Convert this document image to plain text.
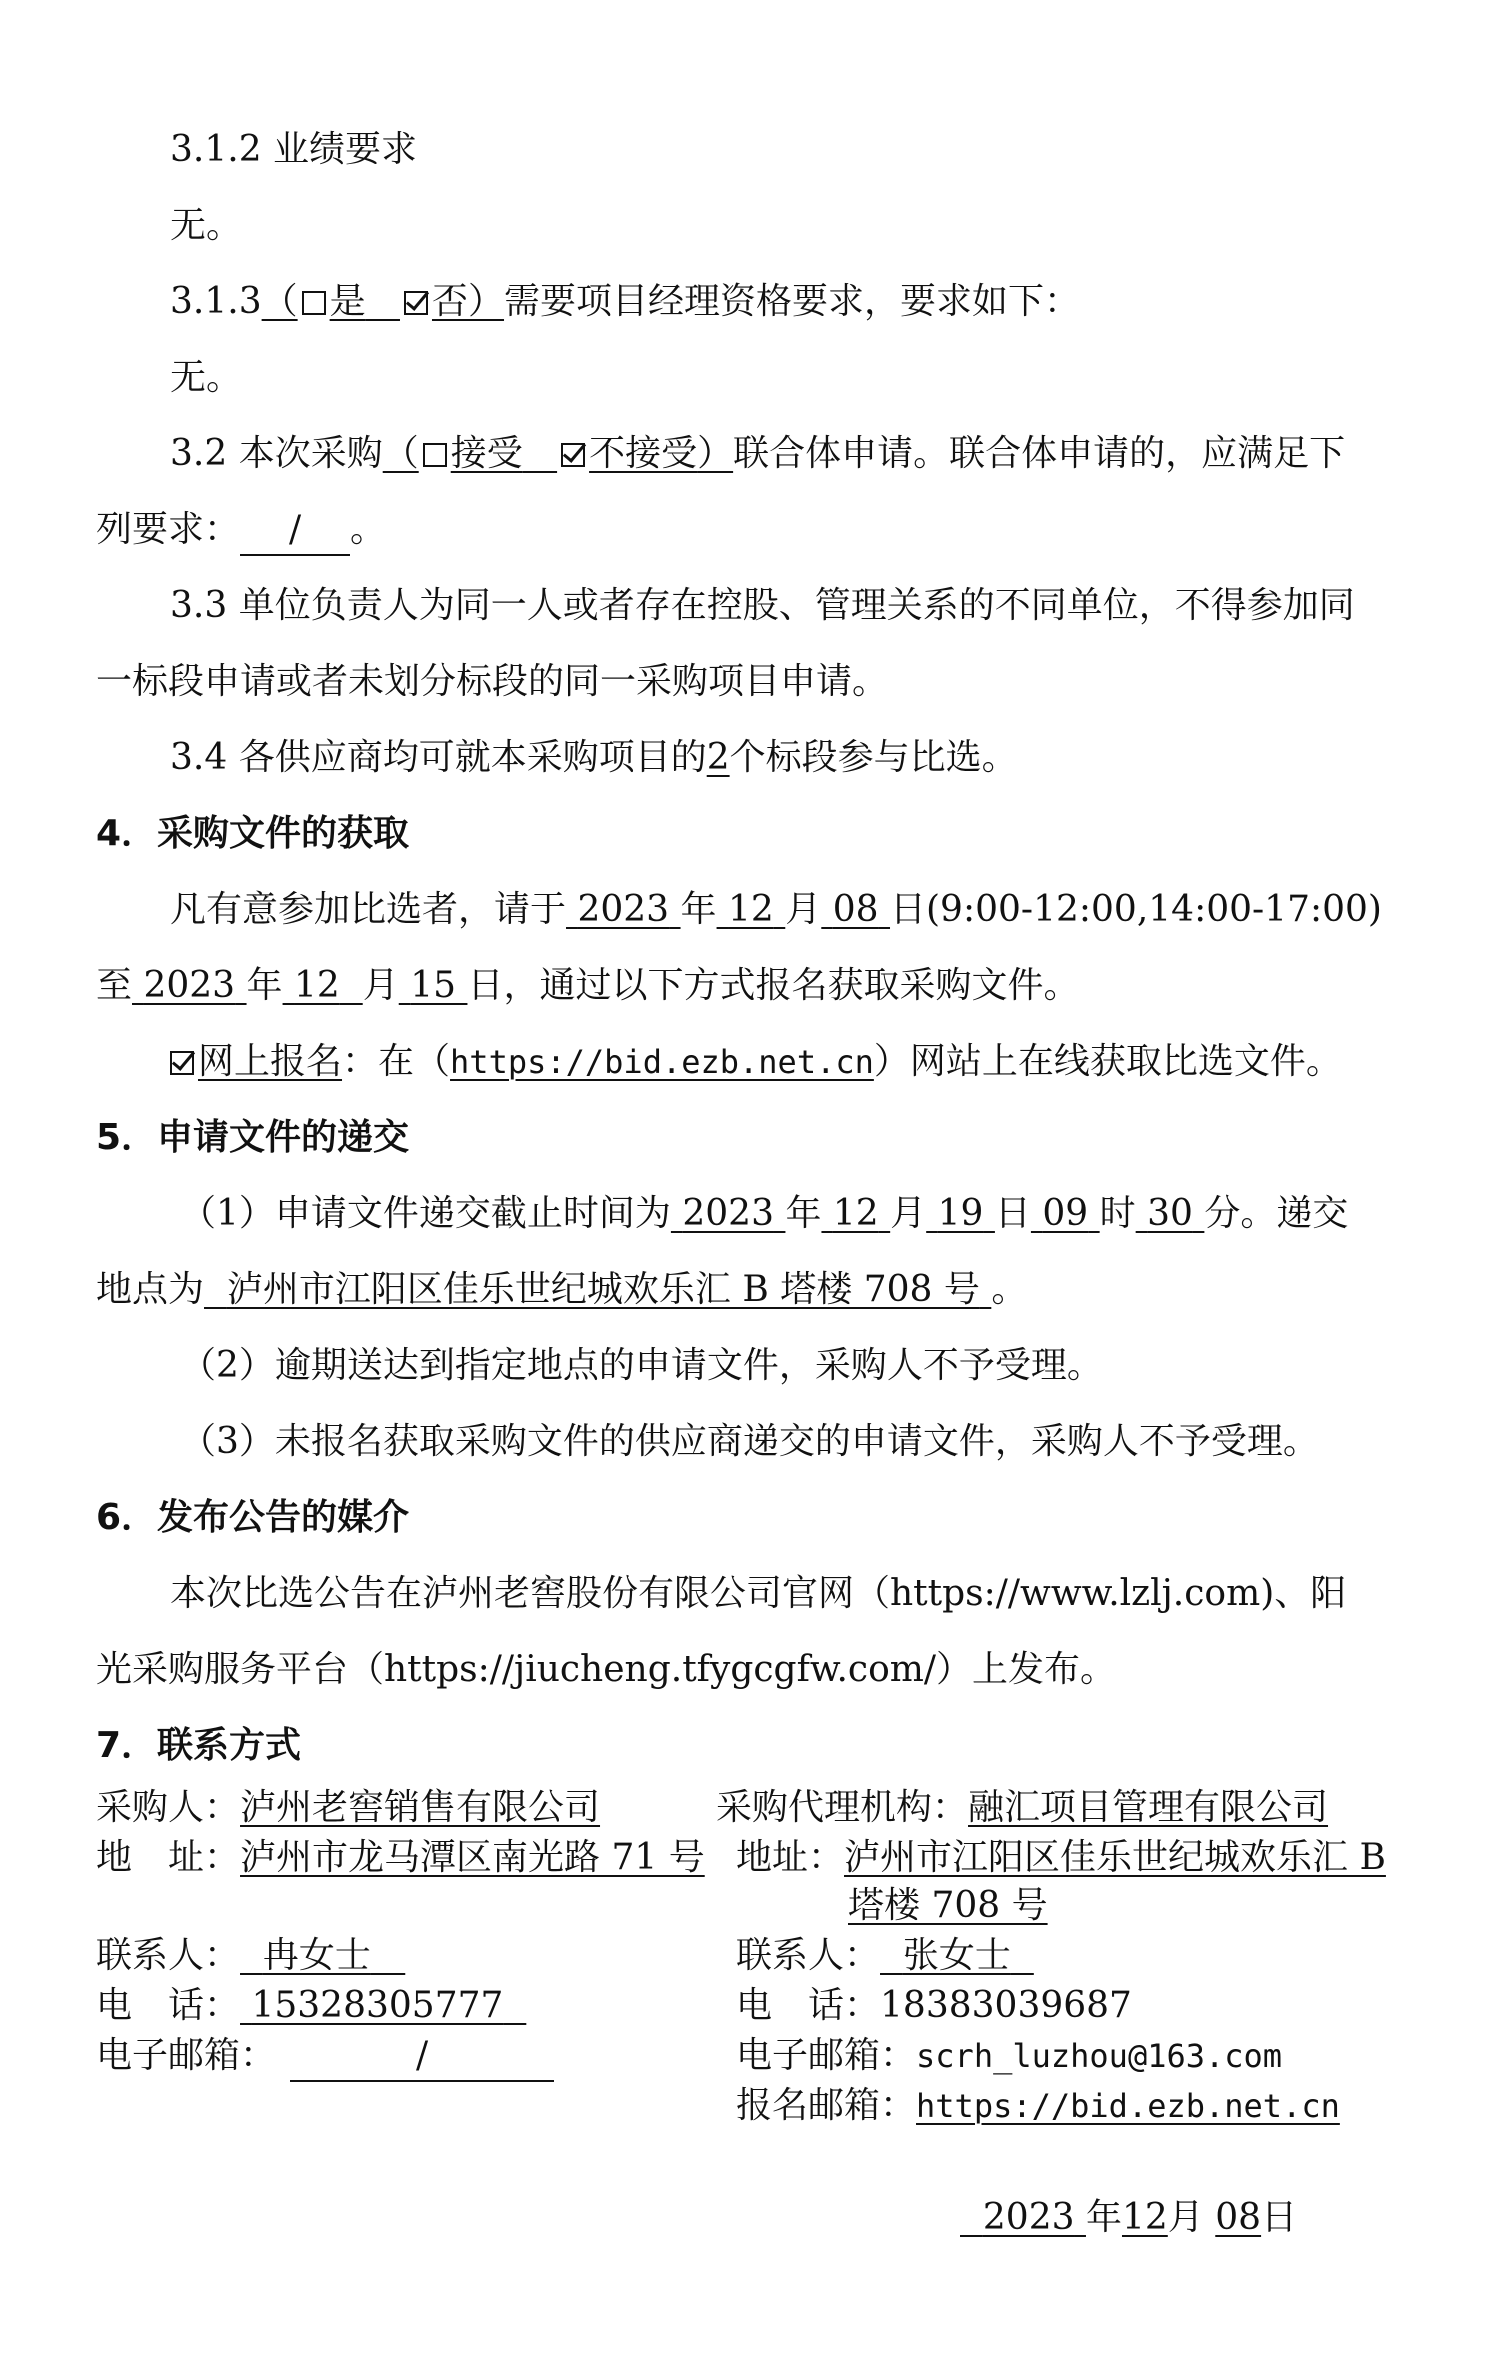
3.1.2 业绩要求
无。
3.1.3（ 是 否）需要项目经理资格要求，要求如下：
无。
3.2 本次采购（ 接受 不接受）联合体申请。联合体申请的，应满足下
列要求： / 。
3.3 单位负责人为同一人或者存在控股、管理关系的不同单位，不得参加同
一标段申请或者未划分标段的同一采购项目申请。
3.4 各供应商均可就本采购项目的2个标段参与比选。
4．采购文件的获取
凡有意参加比选者，请于 2023 年 12 月 08 日(9:00-12:00,14:00-17:00)
至 2023 年 12 月 15 日，通过以下方式报名获取采购文件。
网上报名：在（https://bid.ezb.net.cn）网站上在线获取比选文件。
5．申请文件的递交
（1）申请文件递交截止时间为 2023 年 12 月 19 日 09 时 30 分。递交
地点为 泸州市江阳区佳乐世纪城欢乐汇 B 塔楼 708 号 。
（2）逾期送达到指定地点的申请文件，采购人不予受理。
（3）未报名获取采购文件的供应商递交的申请文件，采购人不予受理。
6．发布公告的媒介
本次比选公告在泸州老窖股份有限公司官网（https://www.lzlj.com)、阳
光采购服务平台（https://jiucheng.tfygcgfw.com/）上发布。
7．联系方式
采购人：泸州老窖销售有限公司	采购代理机构：融汇项目管理有限公司
地　址：泸州市龙马潭区南光路 71 号 地址：泸州市江阳区佳乐世纪城欢乐汇 B
塔楼 708 号
联系人： 冉女士	联系人： 张女士
电　话： 15328305777	电　话：18383039687
电子邮箱：	/	电子邮箱：scrh_luzhou@163.com
报名邮箱：https://bid.ezb.net.cn
2023 年12月 08日
